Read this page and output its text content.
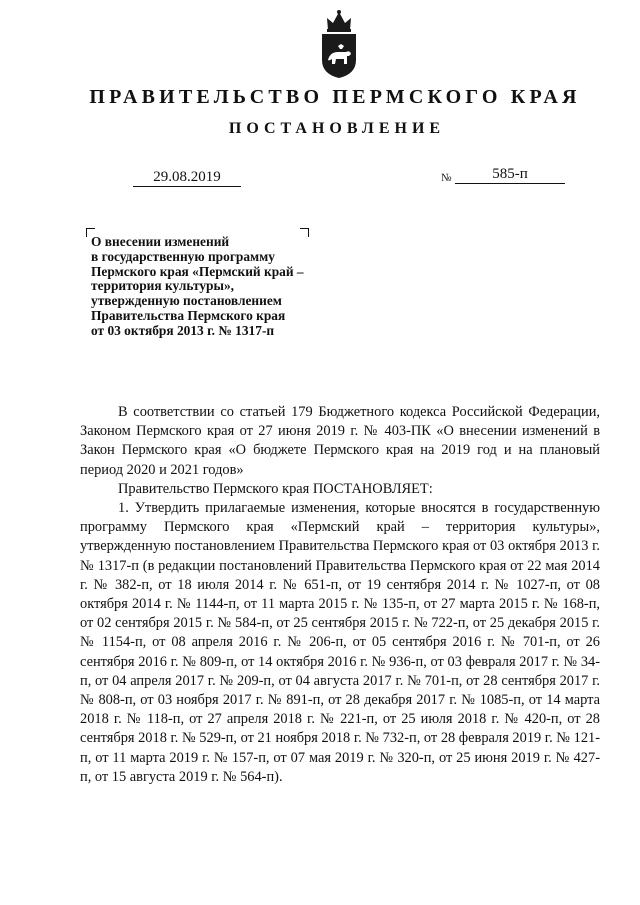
ПРАВИТЕЛЬСТВО ПЕРМСКОГО КРАЯ
ПОСТАНОВЛЕНИЕ
29.08.2019	№	585-п
О внесении изменений
в государственную программу
Пермского края «Пермский край –
территория культуры»,
утвержденную постановлением
Правительства Пермского края
от 03 октября 2013 г. № 1317-п

В соответствии со статьей 179 Бюджетного кодекса Российской Федерации, Законом Пермского края от 27 июня 2019 г. № 403-ПК «О внесении изменений в Закон Пермского края «О бюджете Пермского края на 2019 год и на плановый период 2020 и 2021 годов»

Правительство Пермского края ПОСТАНОВЛЯЕТ:

1. Утвердить прилагаемые изменения, которые вносятся в государственную программу Пермского края «Пермский край – территория культуры», утвержденную постановлением Правительства Пермского края от 03 октября 2013 г. № 1317-п (в редакции постановлений Правительства Пермского края от 22 мая 2014 г. № 382-п, от 18 июля 2014 г. № 651-п, от 19 сентября 2014 г. № 1027-п, от 08 октября 2014 г. № 1144-п, от 11 марта 2015 г. № 135-п, от 27 марта 2015 г. № 168-п, от 02 сентября 2015 г. № 584-п, от 25 сентября 2015 г. № 722-п, от 25 декабря 2015 г. № 1154-п, от 08 апреля 2016 г. № 206-п, от 05 сентября 2016 г. № 701-п, от 26 сентября 2016 г. № 809-п, от 14 октября 2016 г. № 936-п, от 03 февраля 2017 г. № 34-п, от 04 апреля 2017 г. № 209-п, от 04 августа 2017 г. № 701-п, от 28 сентября 2017 г. № 808-п, от 03 ноября 2017 г. № 891-п, от 28 декабря 2017 г. № 1085-п, от 14 марта 2018 г. № 118-п, от 27 апреля 2018 г. № 221-п, от 25 июля 2018 г. № 420-п, от 28 сентября 2018 г. № 529-п, от 21 ноября 2018 г. № 732-п, от 28 февраля 2019 г. № 121-п, от 11 марта 2019 г. № 157-п, от 07 мая 2019 г. № 320-п, от 25 июня 2019 г. № 427-п, от 15 августа 2019 г. № 564-п).
